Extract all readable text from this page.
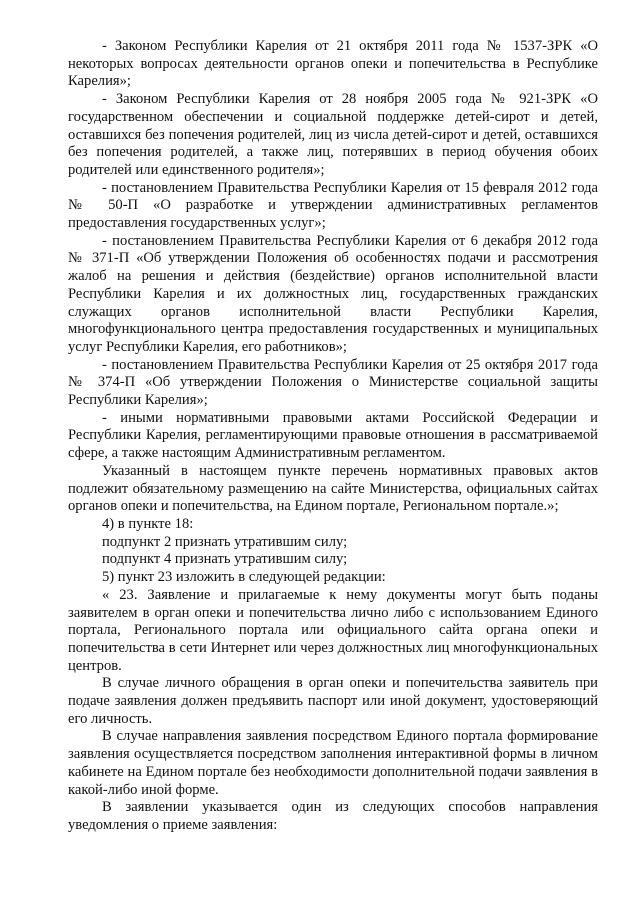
- Законом Республики Карелия от 21 октября 2011 года № 1537-ЗРК «О некоторых вопросах деятельности органов опеки и попечительства в Республике Карелия»;

- Законом Республики Карелия от 28 ноября 2005 года № 921-ЗРК «О государственном обеспечении и социальной поддержке детей-сирот и детей, оставшихся без попечения родителей, лиц из числа детей-сирот и детей, оставшихся без попечения родителей, а также лиц, потерявших в период обучения обоих родителей или единственного родителя»;

- постановлением Правительства Республики Карелия от 15 февраля 2012 года № 50-П «О разработке и утверждении административных регламентов предоставления государственных услуг»;

- постановлением Правительства Республики Карелия от 6 декабря 2012 года № 371-П «Об утверждении Положения об особенностях подачи и рассмотрения жалоб на решения и действия (бездействие) органов исполнительной власти Республики Карелия и их должностных лиц, государственных гражданских служащих органов исполнительной власти Республики Карелия, многофункционального центра предоставления государственных и муниципальных услуг Республики Карелия, его работников»;

- постановлением Правительства Республики Карелия от 25 октября 2017 года № 374-П «Об утверждении Положения о Министерстве социальной защиты Республики Карелия»;

- иными нормативными правовыми актами Российской Федерации и Республики Карелия, регламентирующими правовые отношения в рассматриваемой сфере, а также настоящим Административным регламентом.

Указанный в настоящем пункте перечень нормативных правовых актов подлежит обязательному размещению на сайте Министерства, официальных сайтах органов опеки и попечительства, на Едином портале, Региональном портале.»;

4) в пункте 18:

подпункт 2 признать утратившим силу;

подпункт 4 признать утратившим силу;

5) пункт 23 изложить в следующей редакции:

« 23. Заявление и прилагаемые к нему документы могут быть поданы заявителем в орган опеки и попечительства лично либо с использованием Единого портала, Регионального портала или официального сайта органа опеки и попечительства в сети Интернет или через должностных лиц многофункциональных центров.

В случае личного обращения в орган опеки и попечительства заявитель при подаче заявления должен предъявить паспорт или иной документ, удостоверяющий его личность.

В случае направления заявления посредством Единого портала формирование заявления осуществляется посредством заполнения интерактивной формы в личном кабинете на Едином портале без необходимости дополнительной подачи заявления в какой-либо иной форме.

В заявлении указывается один из следующих способов направления уведомления о приеме заявления:
